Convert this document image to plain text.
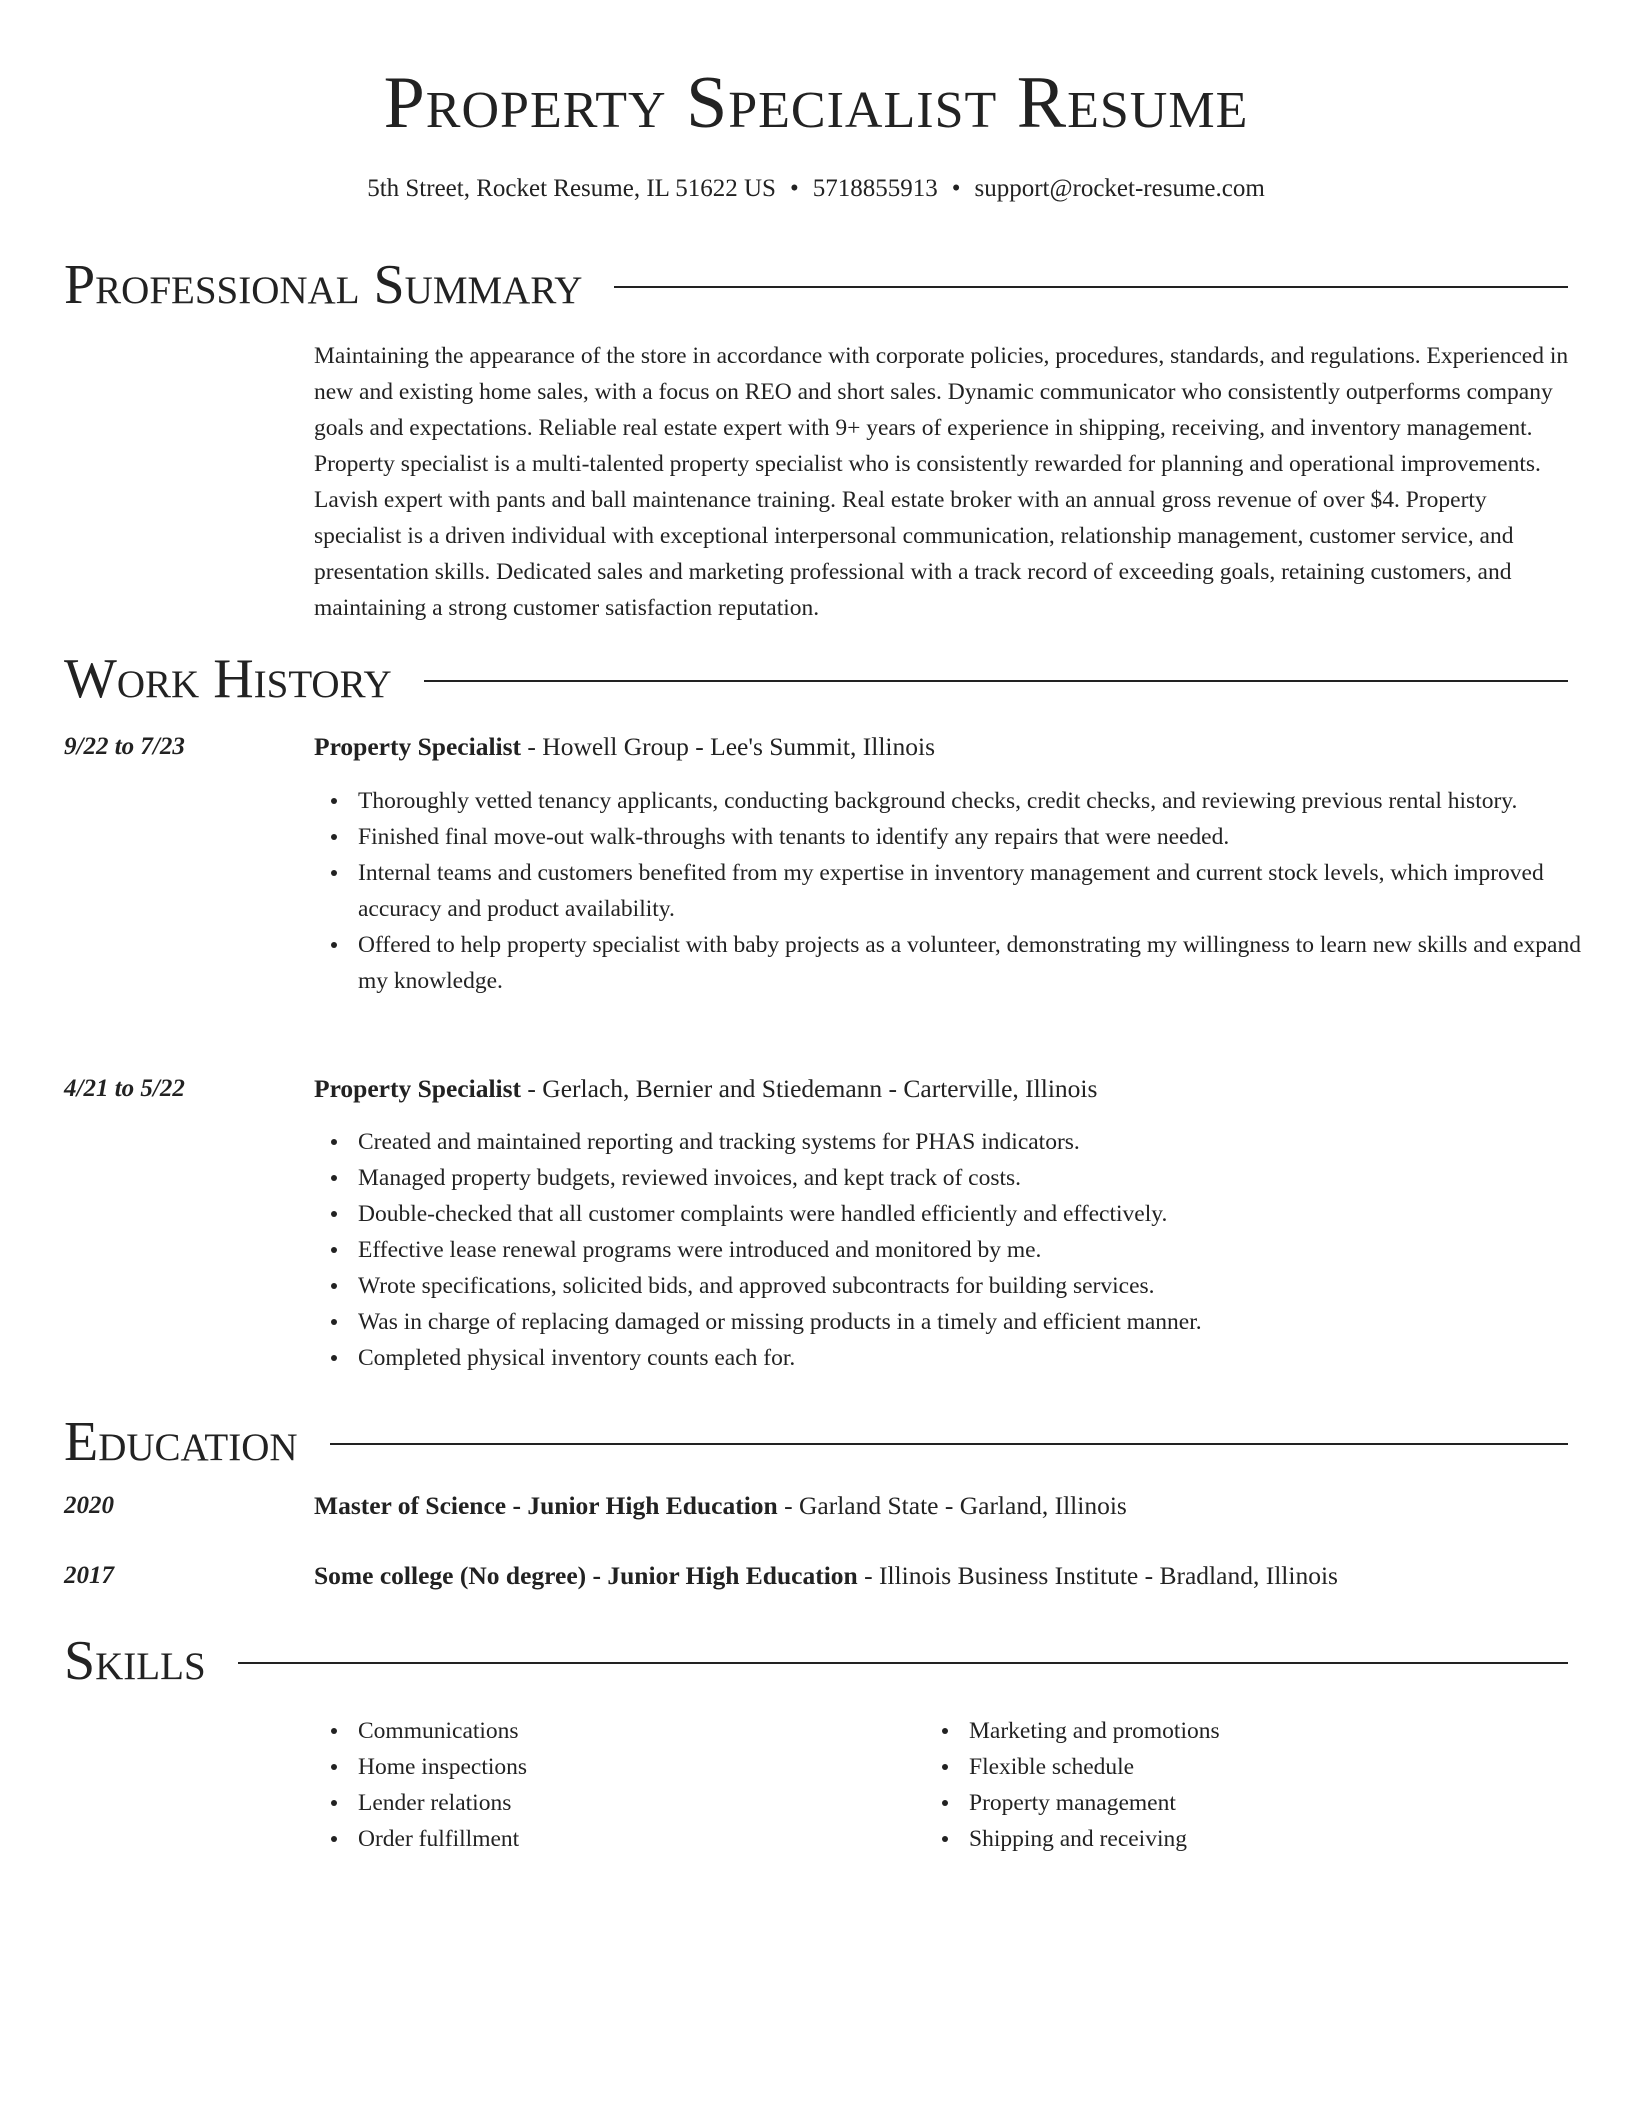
Property Specialist Resume
5th Street, Rocket Resume, IL 51622 US • 5718855913 • support@rocket-resume.com
Professional Summary

Maintaining the appearance of the store in accordance with corporate policies, procedures, standards, and regulations. Experienced in new and existing home sales, with a focus on REO and short sales. Dynamic communicator who consistently outperforms company goals and expectations. Reliable real estate expert with 9+ years of experience in shipping, receiving, and inventory management. Property specialist is a multi-talented property specialist who is consistently rewarded for planning and operational improvements. Lavish expert with pants and ball maintenance training. Real estate broker with an annual gross revenue of over $4. Property specialist is a driven individual with exceptional interpersonal communication, relationship management, customer service, and presentation skills. Dedicated sales and marketing professional with a track record of exceeding goals, retaining customers, and maintaining a strong customer satisfaction reputation.

Work History
9/22 to 7/23	Property Specialist - Howell Group - Lee's Summit, Illinois
Thoroughly vetted tenancy applicants, conducting background checks, credit checks, and reviewing previous rental history.
Finished final move-out walk-throughs with tenants to identify any repairs that were needed.
Internal teams and customers benefited from my expertise in inventory management and current stock levels, which improved accuracy and product availability.
Offered to help property specialist with baby projects as a volunteer, demonstrating my willingness to learn new skills and expand my knowledge.
4/21 to 5/22	Property Specialist - Gerlach, Bernier and Stiedemann - Carterville, Illinois
Created and maintained reporting and tracking systems for PHAS indicators.
Managed property budgets, reviewed invoices, and kept track of costs.
Double-checked that all customer complaints were handled efficiently and effectively.
Effective lease renewal programs were introduced and monitored by me.
Wrote specifications, solicited bids, and approved subcontracts for building services.
Was in charge of replacing damaged or missing products in a timely and efficient manner.
Completed physical inventory counts each for.
Education
2020	Master of Science - Junior High Education - Garland State - Garland, Illinois
2017	Some college (No degree) - Junior High Education - Illinois Business Institute - Bradland, Illinois
Skills
Communications
Home inspections
Lender relations
Order fulfillment
Marketing and promotions
Flexible schedule
Property management
Shipping and receiving
